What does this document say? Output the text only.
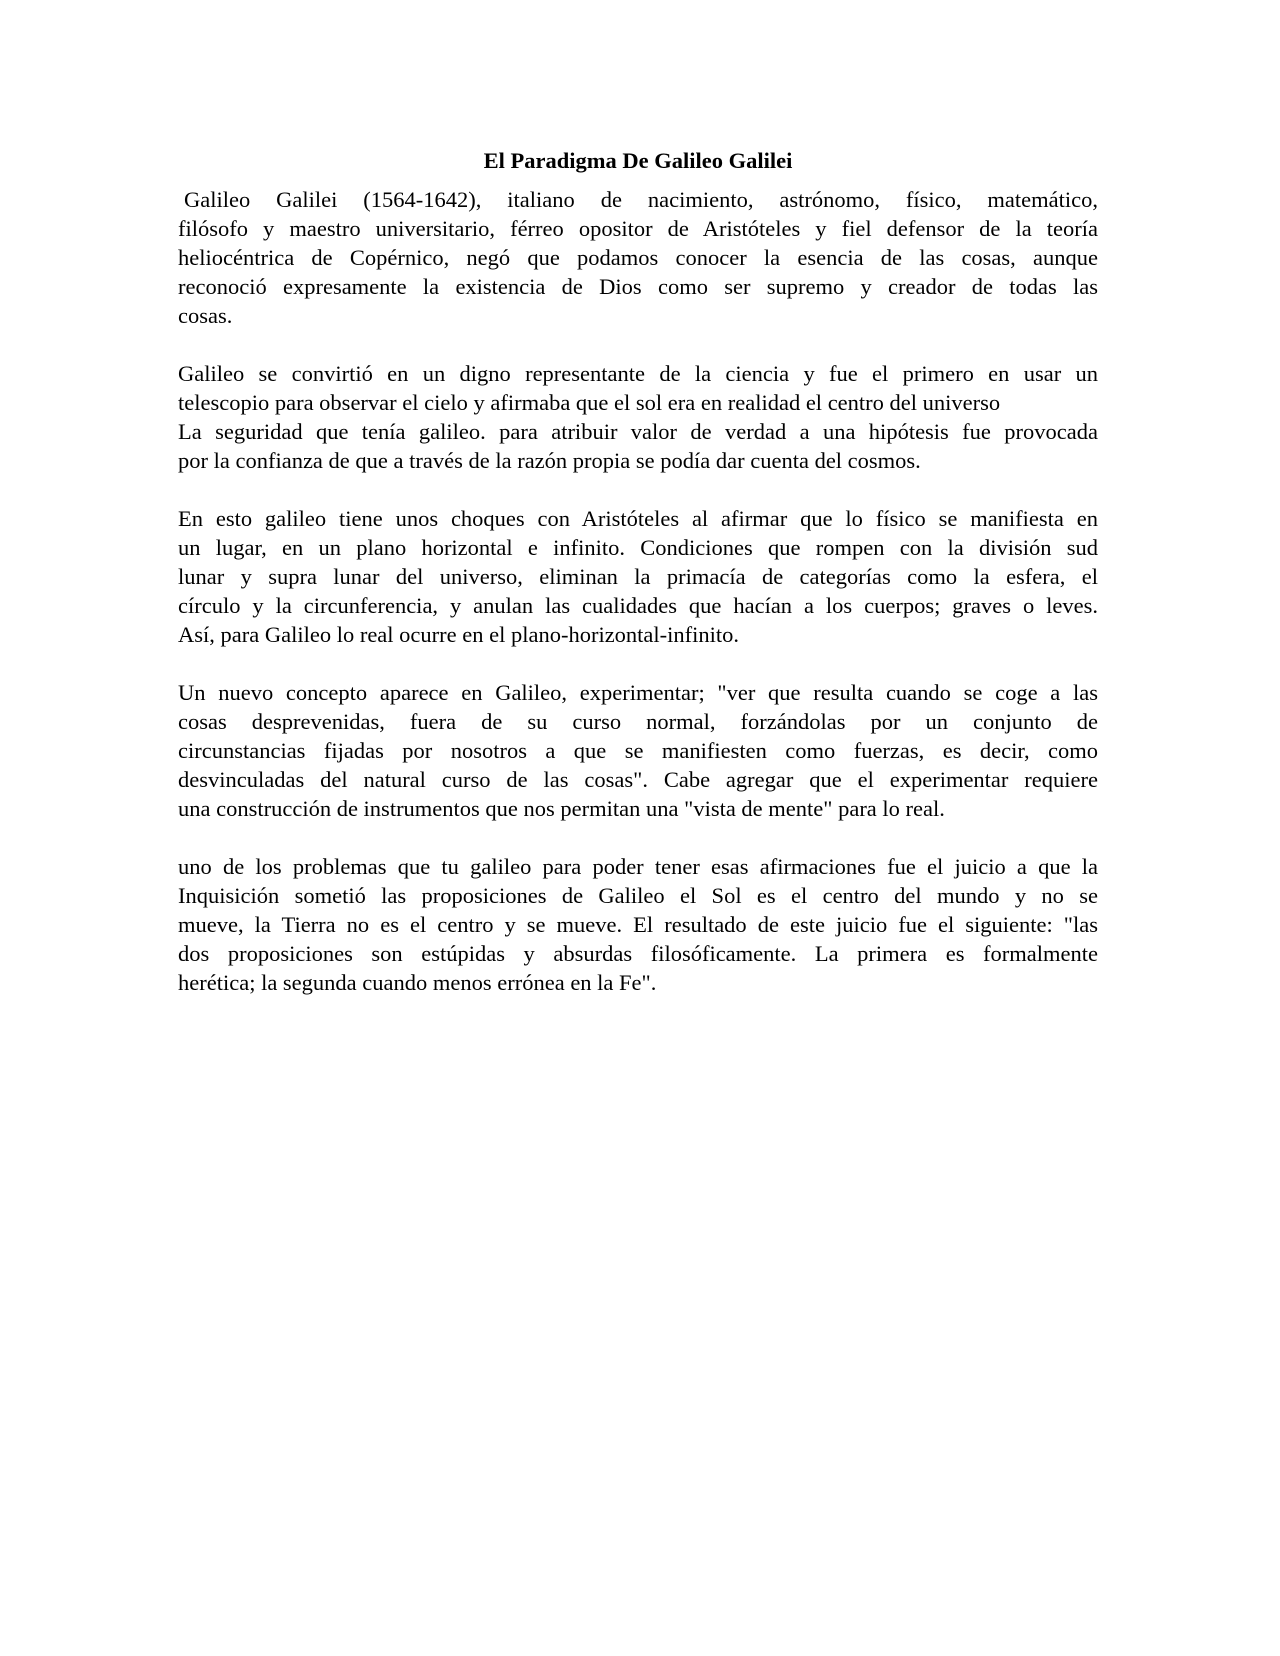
El Paradigma De Galileo Galilei
Galileo Galilei (1564-1642), italiano de nacimiento, astrónomo, físico, matemático,
filósofo y maestro universitario, férreo opositor de Aristóteles y fiel defensor de la teoría
heliocéntrica de Copérnico, negó que podamos conocer la esencia de las cosas, aunque
reconoció expresamente la existencia de Dios como ser supremo y creador de todas las
cosas.
Galileo se convirtió en un digno representante de la ciencia y fue el primero en usar un
telescopio para observar el cielo y afirmaba que el sol era en realidad el centro del universo
La seguridad que tenía galileo. para atribuir valor de verdad a una hipótesis fue provocada
por la confianza de que a través de la razón propia se podía dar cuenta del cosmos.
En esto galileo tiene unos choques con Aristóteles al afirmar que lo físico se manifiesta en
un lugar, en un plano horizontal e infinito. Condiciones que rompen con la división sud
lunar y supra lunar del universo, eliminan la primacía de categorías como la esfera, el
círculo y la circunferencia, y anulan las cualidades que hacían a los cuerpos; graves o leves.
Así, para Galileo lo real ocurre en el plano-horizontal-infinito.
Un nuevo concepto aparece en Galileo, experimentar; "ver que resulta cuando se coge a las
cosas desprevenidas, fuera de su curso normal, forzándolas por un conjunto de
circunstancias fijadas por nosotros a que se manifiesten como fuerzas, es decir, como
desvinculadas del natural curso de las cosas". Cabe agregar que el experimentar requiere
una construcción de instrumentos que nos permitan una "vista de mente" para lo real.
uno de los problemas que tu galileo para poder tener esas afirmaciones fue el juicio a que la
Inquisición sometió las proposiciones de Galileo el Sol es el centro del mundo y no se
mueve, la Tierra no es el centro y se mueve. El resultado de este juicio fue el siguiente: "las
dos proposiciones son estúpidas y absurdas filosóficamente. La primera es formalmente
herética; la segunda cuando menos errónea en la Fe".
